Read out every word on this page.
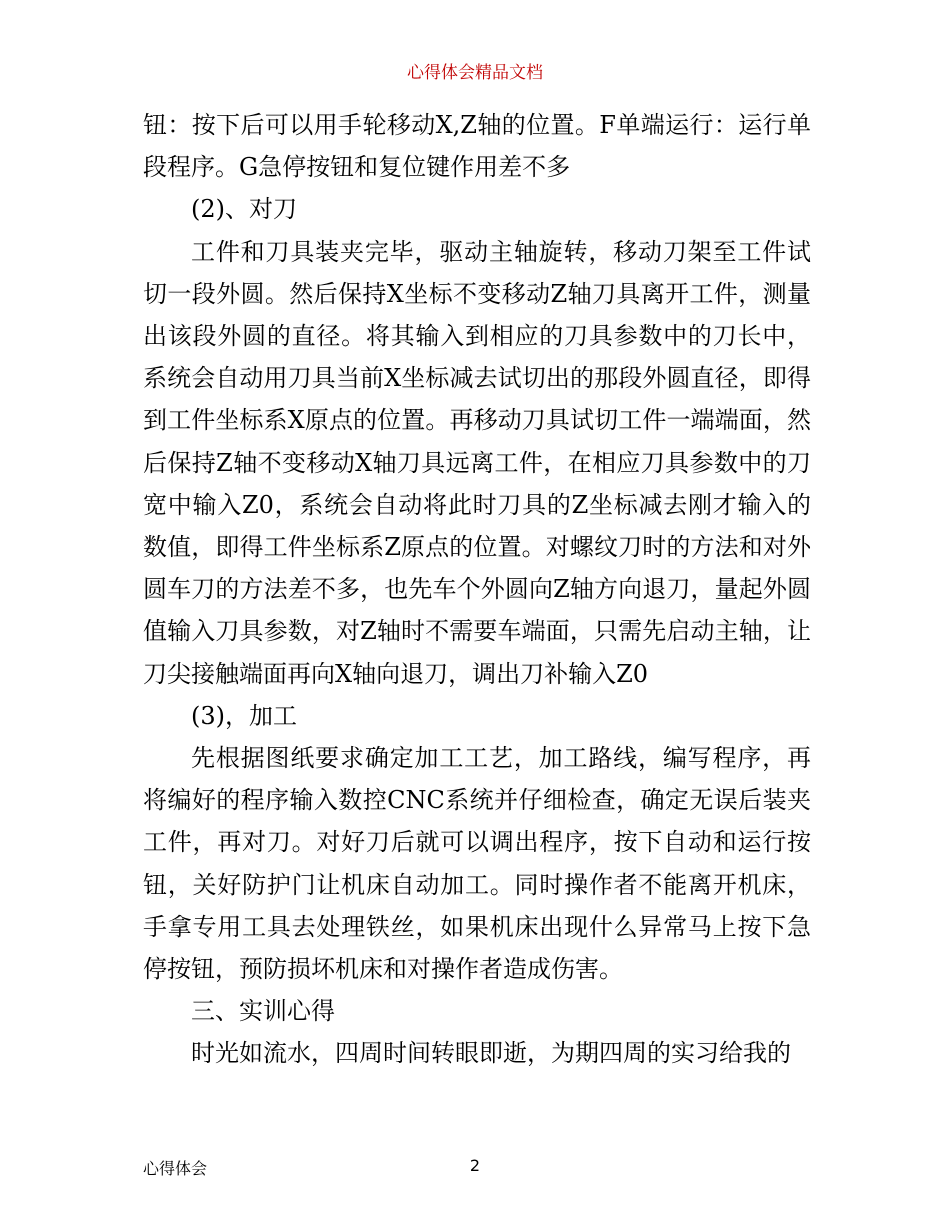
心得体会精品文档

钮：按下后可以用手轮移动X,Z轴的位置。F单端运行：运行单段程序。G急停按钮和复位键作用差不多

(2)、对刀

工件和刀具装夹完毕，驱动主轴旋转，移动刀架至工件试切一段外圆。然后保持X坐标不变移动Z轴刀具离开工件，测量出该段外圆的直径。将其输入到相应的刀具参数中的刀长中，系统会自动用刀具当前X坐标减去试切出的那段外圆直径，即得到工件坐标系X原点的位置。再移动刀具试切工件一端端面，然后保持Z轴不变移动X轴刀具远离工件，在相应刀具参数中的刀宽中输入Z0，系统会自动将此时刀具的Z坐标减去刚才输入的数值，即得工件坐标系Z原点的位置。对螺纹刀时的方法和对外圆车刀的方法差不多，也先车个外圆向Z轴方向退刀，量起外圆值输入刀具参数，对Z轴时不需要车端面，只需先启动主轴，让刀尖接触端面再向X轴向退刀，调出刀补输入Z0

(3)，加工

先根据图纸要求确定加工工艺，加工路线，编写程序，再将编好的程序输入数控CNC系统并仔细检查，确定无误后装夹工件，再对刀。对好刀后就可以调出程序，按下自动和运行按钮，关好防护门让机床自动加工。同时操作者不能离开机床，手拿专用工具去处理铁丝，如果机床出现什么异常马上按下急停按钮，预防损坏机床和对操作者造成伤害。

三、实训心得

时光如流水，四周时间转眼即逝，为期四周的实习给我的

心得体会	2
